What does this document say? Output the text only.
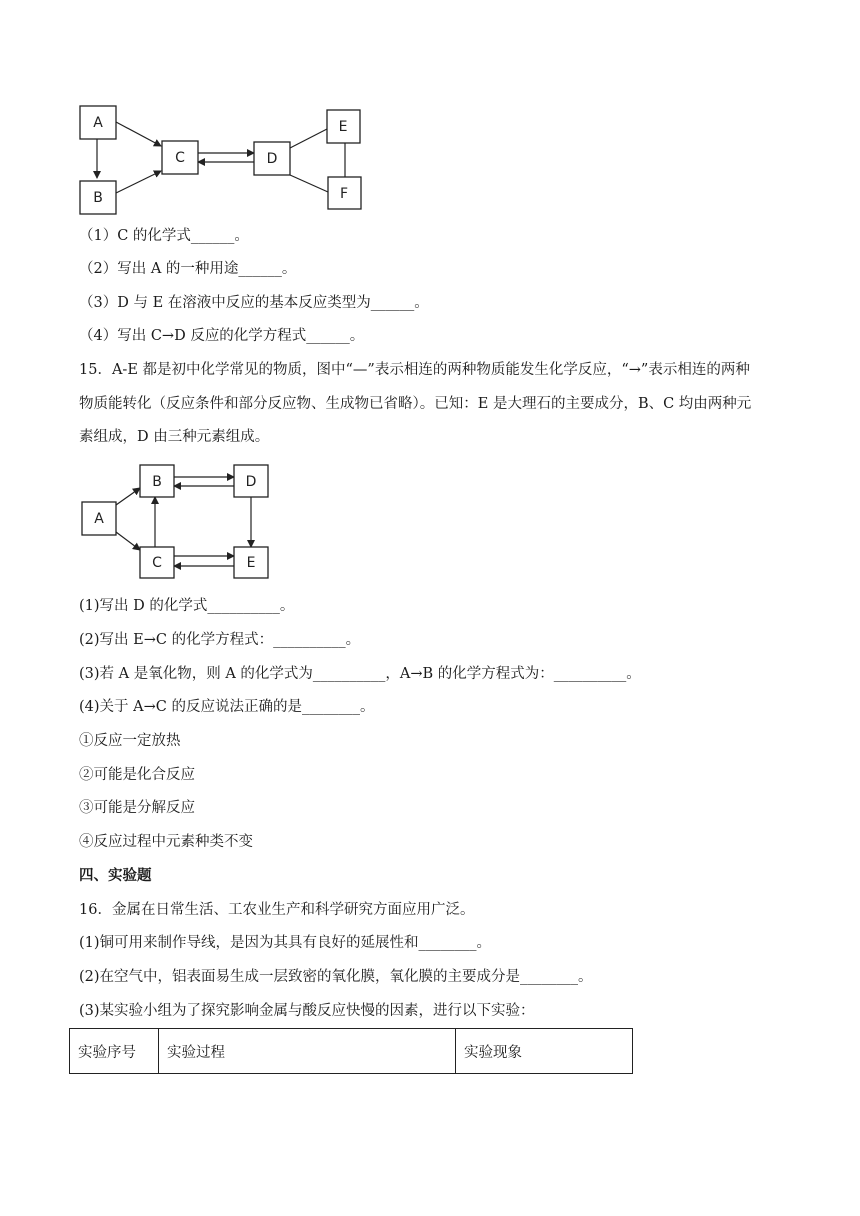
A
B
C	D
E
F
（1）C 的化学式______。
（2）写出 A 的一种用途______。
（3）D 与 E 在溶液中反应的基本反应类型为______。
（4）写出 C→D 反应的化学方程式______。
15．A-E 都是初中化学常见的物质，图中“—”表示相连的两种物质能发生化学反应，“→”表示相连的两种
物质能转化（反应条件和部分反应物、生成物已省略）。已知：E 是大理石的主要成分，B、C 均由两种元
素组成，D 由三种元素组成。
A
B
C
D
E
(1)写出 D 的化学式__________。
(2)写出 E→C 的化学方程式：__________。
(3)若 A 是氧化物，则 A 的化学式为__________，A→B 的化学方程式为：__________。
(4)关于 A→C 的反应说法正确的是________。
①反应一定放热
②可能是化合反应
③可能是分解反应
④反应过程中元素种类不变
四、实验题
16．金属在日常生活、工农业生产和科学研究方面应用广泛。
(1)铜可用来制作导线，是因为其具有良好的延展性和________。
(2)在空气中，铝表面易生成一层致密的氧化膜，氧化膜的主要成分是________。
(3)某实验小组为了探究影响金属与酸反应快慢的因素，进行以下实验：
实验序号	实验过程	实验现象
